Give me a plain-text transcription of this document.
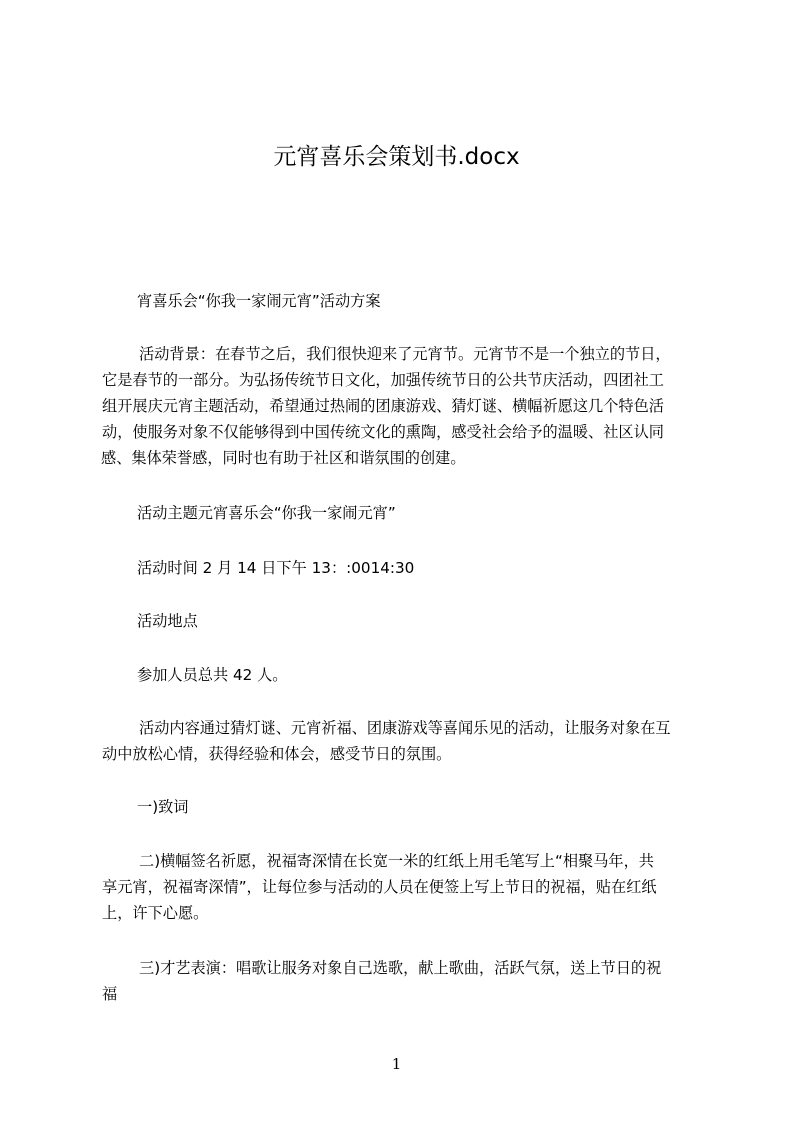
元宵喜乐会策划书.docx

宵喜乐会“你我一家闹元宵”活动方案

活动背景：在春节之后，我们很快迎来了元宵节。元宵节不是一个独立的节日，
它是春节的一部分。为弘扬传统节日文化，加强传统节日的公共节庆活动，四团社工
组开展庆元宵主题活动，希望通过热闹的团康游戏、猜灯谜、横幅祈愿这几个特色活
动，使服务对象不仅能够得到中国传统文化的熏陶，感受社会给予的温暖、社区认同
感、集体荣誉感，同时也有助于社区和谐氛围的创建。

活动主题元宵喜乐会“你我一家闹元宵”

活动时间 2 月 14 日下午 13：:0014:30

活动地点

参加人员总共 42 人。

活动内容通过猜灯谜、元宵祈福、团康游戏等喜闻乐见的活动，让服务对象在互
动中放松心情，获得经验和体会，感受节日的氛围。

一)致词

二)横幅签名祈愿，祝福寄深情在长宽一米的红纸上用毛笔写上“相聚马年，共
享元宵，祝福寄深情”，让每位参与活动的人员在便签上写上节日的祝福，贴在红纸
上，许下心愿。

三)才艺表演：唱歌让服务对象自己选歌，献上歌曲，活跃气氛，送上节日的祝
福

1
